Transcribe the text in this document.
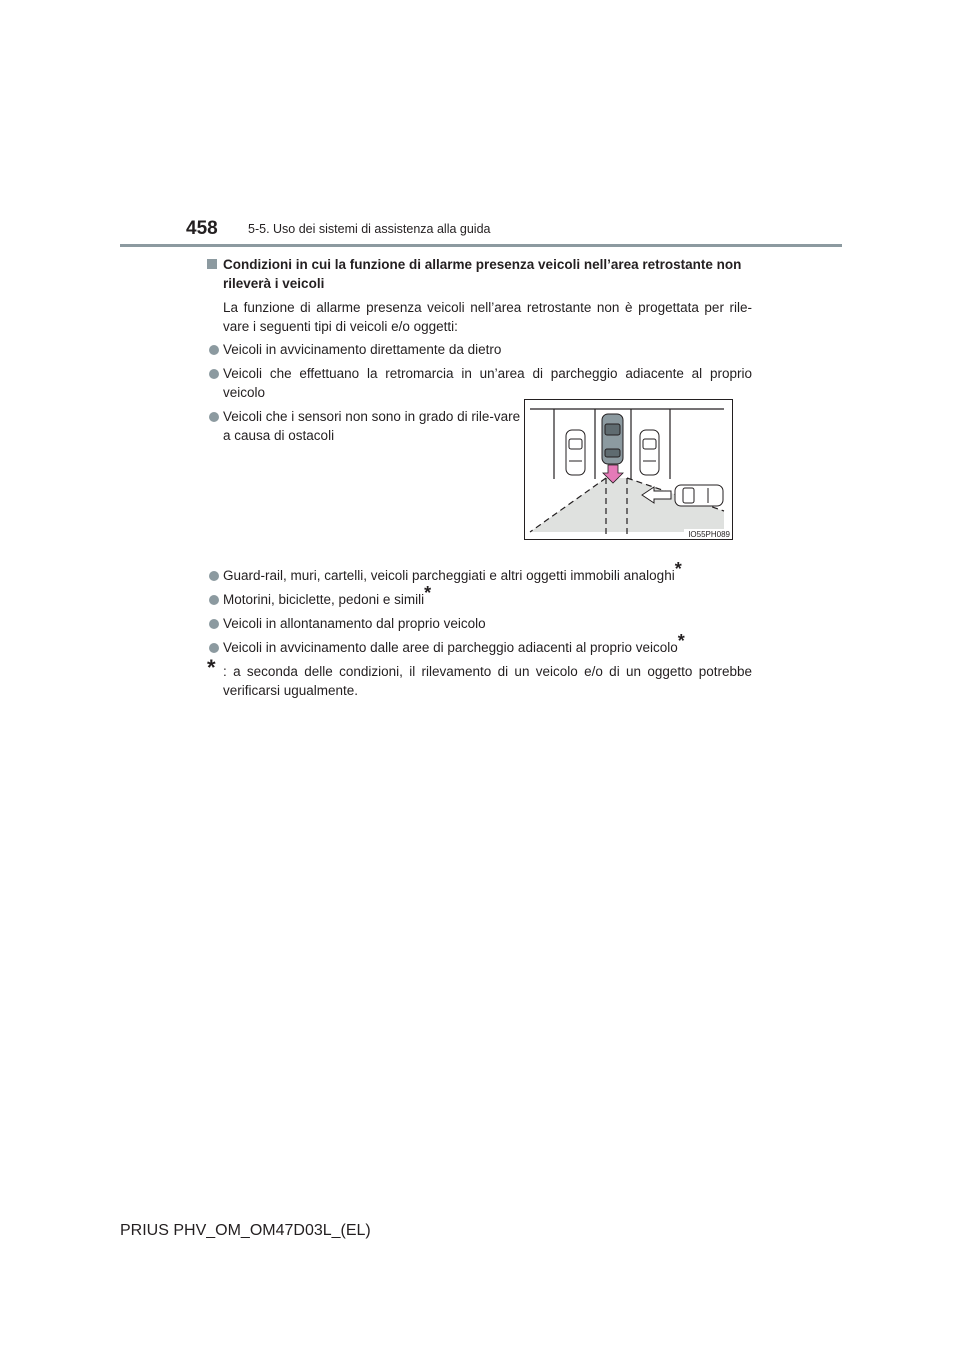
458 5-5. Uso dei sistemi di assistenza alla guida
Condizioni in cui la funzione di allarme presenza veicoli nell’area retrostante non rileverà i veicoli
La funzione di allarme presenza veicoli nell’area retrostante non è progettata per rile-vare i seguenti tipi di veicoli e/o oggetti:
Veicoli in avvicinamento direttamente da dietro
Veicoli che effettuano la retromarcia in un’area di parcheggio adiacente al proprio veicolo
Veicoli che i sensori non sono in grado di rile-vare a causa di ostacoli
Guard-rail, muri, cartelli, veicoli parcheggiati e altri oggetti immobili analoghi*
Motorini, biciclette, pedoni e simili*
Veicoli in allontanamento dal proprio veicolo
Veicoli in avvicinamento dalle aree di parcheggio adiacenti al proprio veicolo*
* : a seconda delle condizioni, il rilevamento di un veicolo e/o di un oggetto potrebbe verificarsi ugualmente.
IO55PH089
PRIUS PHV_OM_OM47D03L_(EL)
